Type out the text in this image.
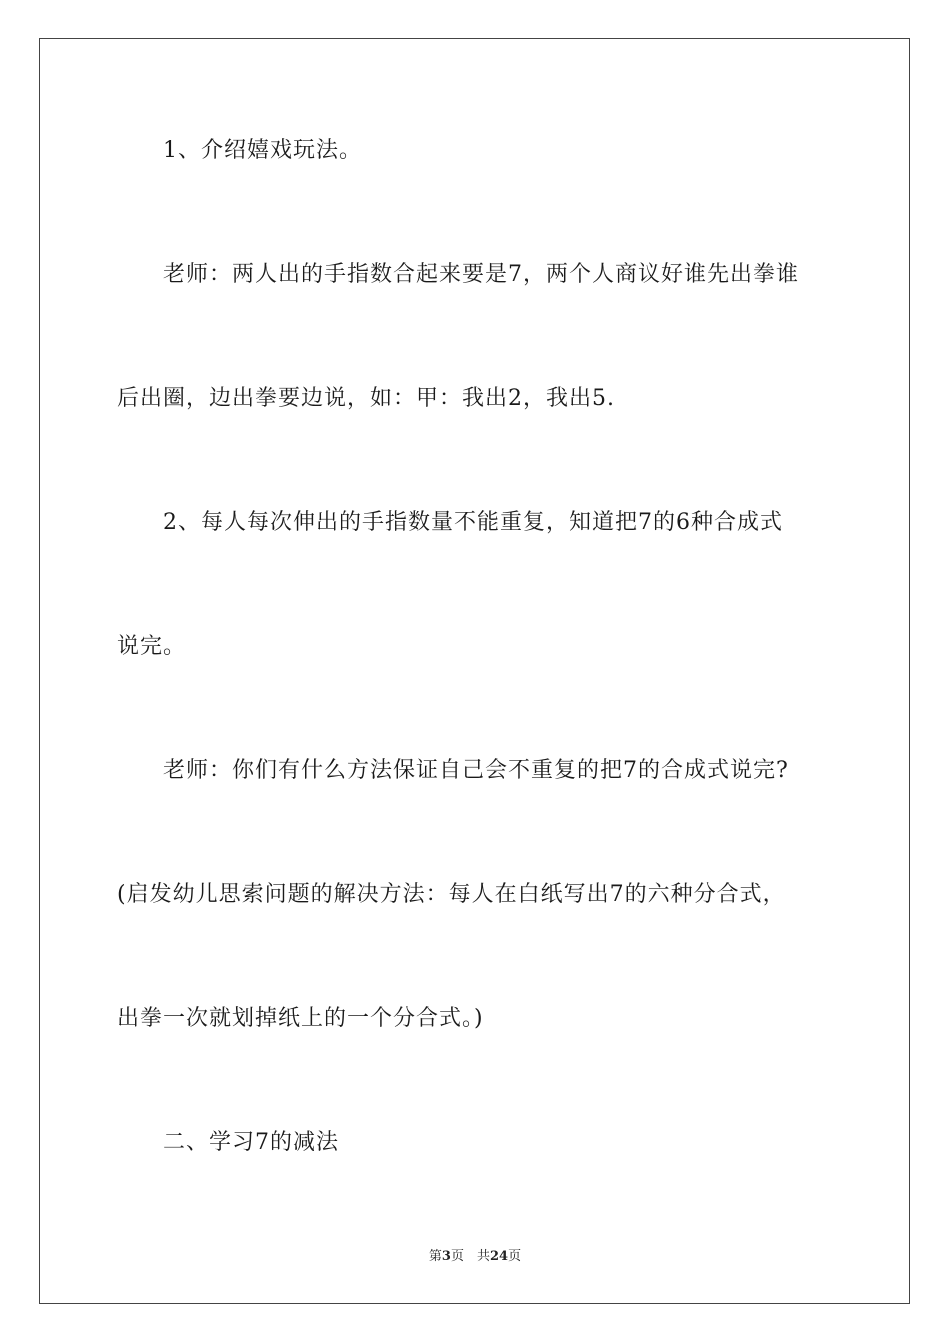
1、介绍嬉戏玩法。
老师：两人出的手指数合起来要是7，两个人商议好谁先出拳谁
后出圈，边出拳要边说，如：甲：我出2，我出5.
2、每人每次伸出的手指数量不能重复，知道把7的6种合成式
说完。
老师：你们有什么方法保证自己会不重复的把7的合成式说完?
(启发幼儿思索问题的解决方法：每人在白纸写出7的六种分合式，
出拳一次就划掉纸上的一个分合式。)
二、学习7的减法
第3页　共24页
